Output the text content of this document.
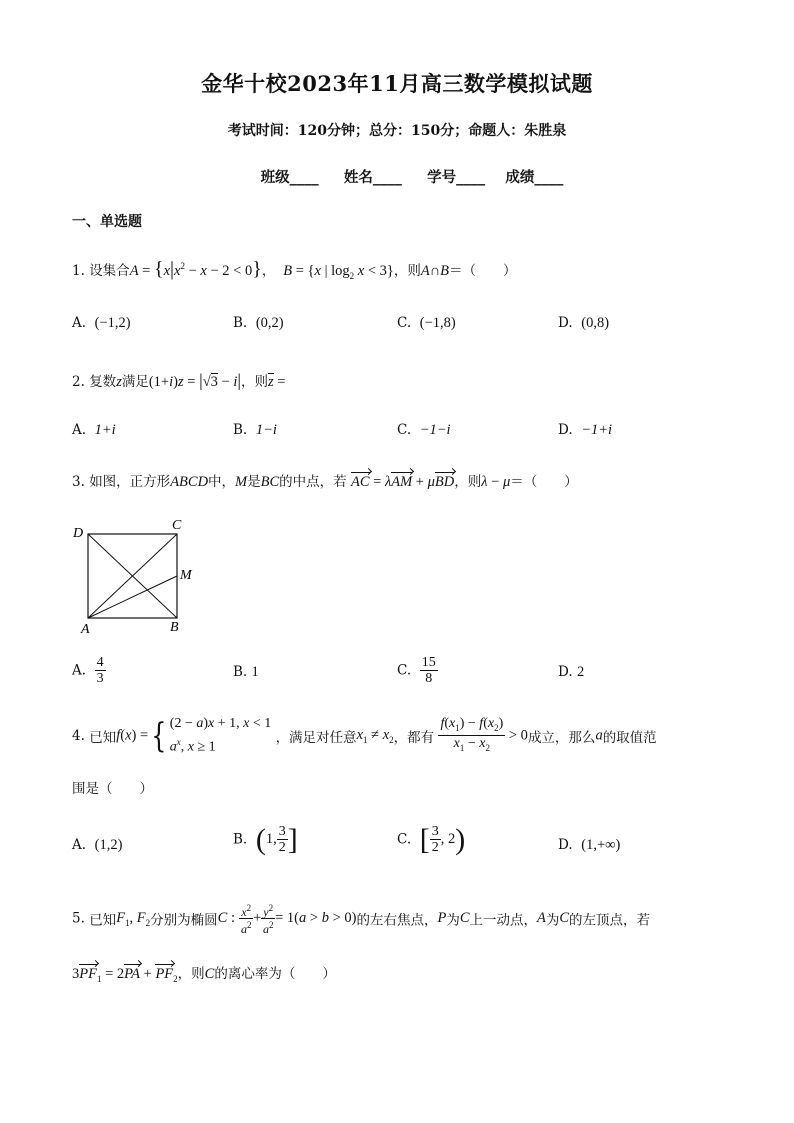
金华十校2023年11月高三数学模拟试题
考试时间：120分钟；总分：150分；命题人：朱胜泉
班级____ 姓名____ 学号____ 成绩____
一、单选题
1. 设集合$A = \{x|x^2 - x - 2 < 0\}$， B = {x | $\log_2 x < 3$}，则A∩B＝（　　）
A. (−1,2)	B. (0,2)	C. (−1,8)	D. (0,8)
2. 复数z满足(1+i)z = |√3 − i|，则z =
A. 1+i	B. 1−i	C. −1−i	D. −1+i
3. 如图，正方形ABCD中，M是BC的中点，若 AC = λAM + μBD，则λ − μ＝（　　）
D
C
M
A	B
A. $\frac{4}{3}$	B. 1	C. $\frac{15}{8}$	D. 2
4. 已知f(x) ={ (2 − a)x + 1, x < 1
$a^x$, x ≥ 1
，满足对任意$x_1 \ne x_2$，都有 $\frac{f(x_1) - f(x_2)}{x_1 - x_2} > 0$成立，那么a的取值范
围是（　　）
A. (1,2)	B. (1, $\frac{3}{2}$ ]	C. [ $\frac{3}{2}$ , 2)	D. (1,+∞)
5. 已知$F_1$, $F_2$分别为椭圆C : $\frac{x^2}{a^2} + \frac{y^2}{a^2} = 1(a > b > 0)$的左右焦点，P为C上一动点，A为C的左顶点，若
$3PF_1 = 2PA + PF_2$，则C的离心率为（　　）
